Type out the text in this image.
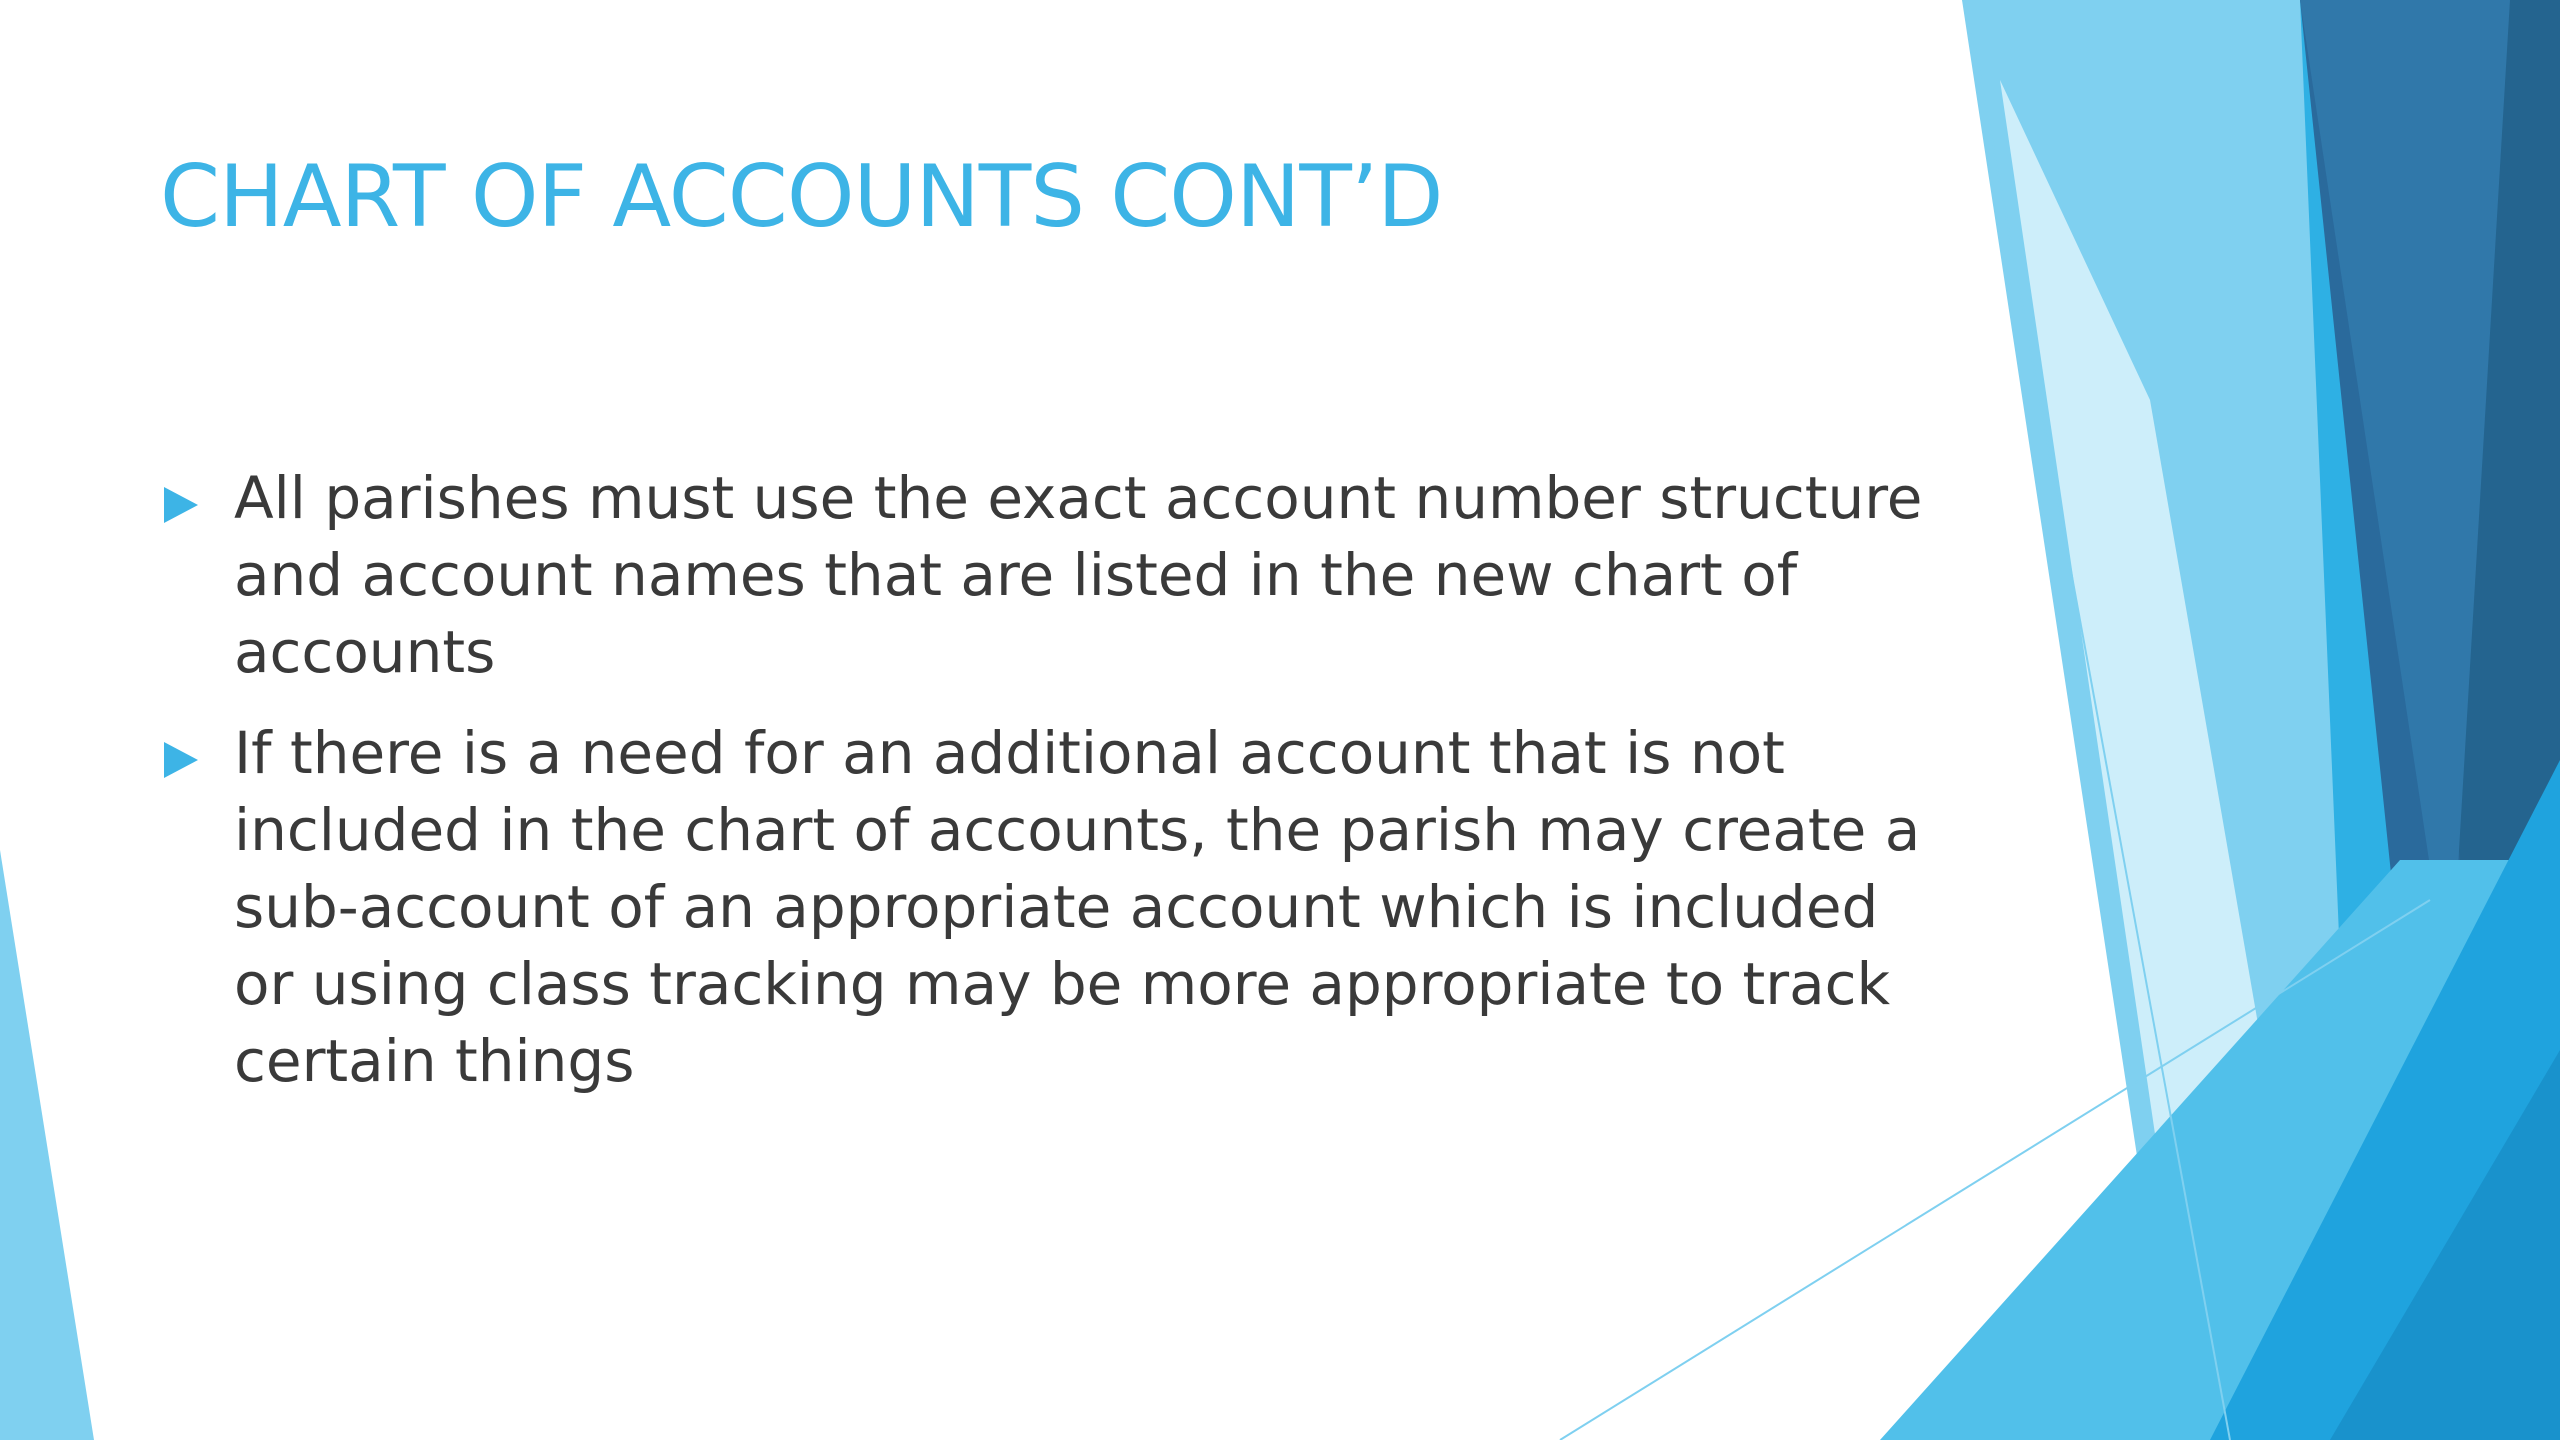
CHART OF ACCOUNTS CONT’D
All parishes must use the exact account number structure and account names that are listed in the new chart of accounts
If there is a need for an additional account that is not included in the chart of accounts, the parish may create a sub-account of an appropriate account which is included or using class tracking may be more appropriate to track certain things
